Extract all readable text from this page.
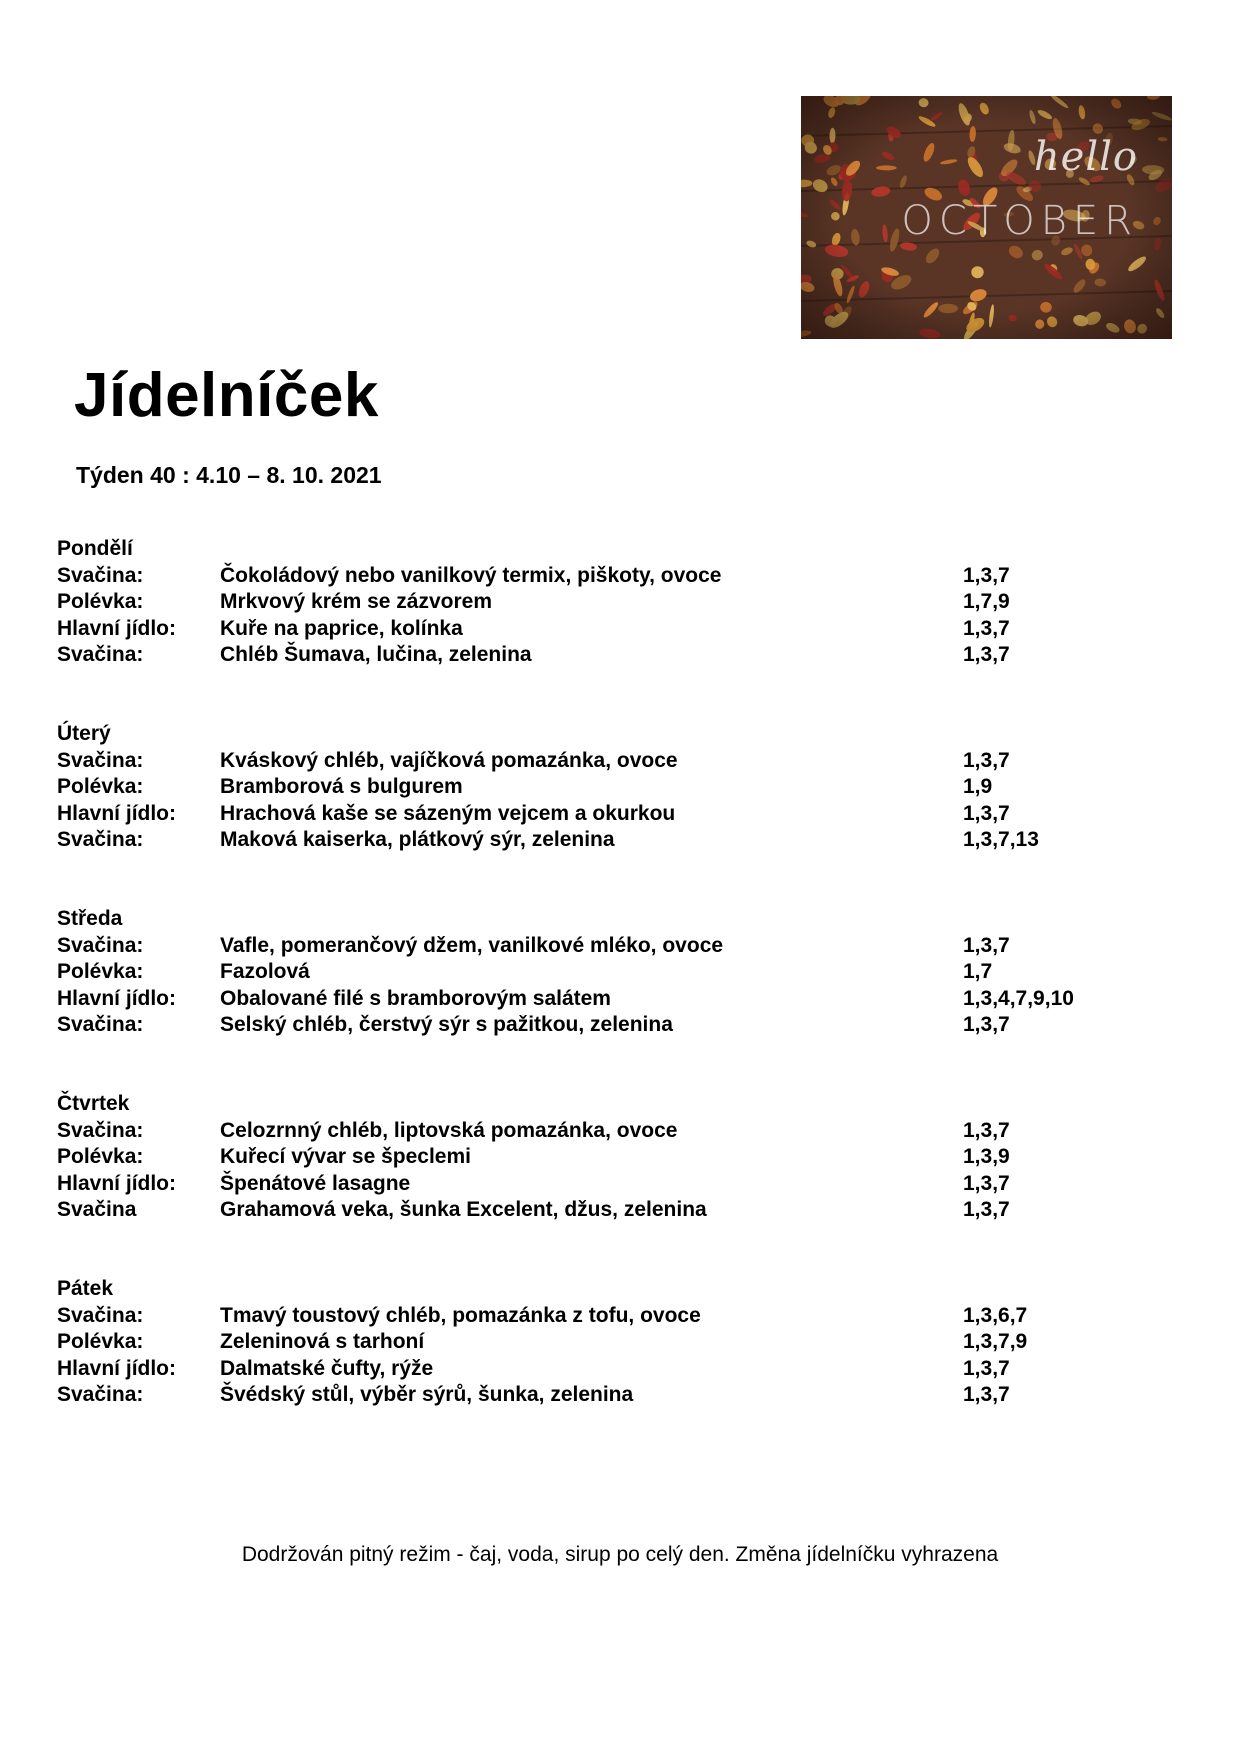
hello
OCTOBER
Jídelníček

Týden 40 : 4.10 – 8. 10. 2021

Pondělí
Svačina:	Čokoládový nebo vanilkový termix, piškoty, ovoce	1,3,7
Polévka:	Mrkvový krém se zázvorem	1,7,9
Hlavní jídlo: Kuře na paprice, kolínka	1,3,7
Svačina:	Chléb Šumava, lučina, zelenina	1,3,7
Úterý
Svačina:	Kváskový chléb, vajíčková pomazánka, ovoce	1,3,7
Polévka:	Bramborová s bulgurem	1,9
Hlavní jídlo: Hrachová kaše se sázeným vejcem a okurkou	1,3,7
Svačina:	Maková kaiserka, plátkový sýr, zelenina	1,3,7,13
Středa
Svačina:	Vafle, pomerančový džem, vanilkové mléko, ovoce	1,3,7
Polévka:	Fazolová	1,7
Hlavní jídlo: Obalované filé s bramborovým salátem	1,3,4,7,9,10
Svačina:	Selský chléb, čerstvý sýr s pažitkou, zelenina	1,3,7
Čtvrtek
Svačina:	Celozrnný chléb, liptovská pomazánka, ovoce	1,3,7
Polévka:	Kuřecí vývar se špeclemi	1,3,9
Hlavní jídlo: Špenátové lasagne	1,3,7
Svačina	Grahamová veka, šunka Excelent, džus, zelenina	1,3,7
Pátek
Svačina:	Tmavý toustový chléb, pomazánka z tofu, ovoce	1,3,6,7
Polévka:	Zeleninová s tarhoní	1,3,7,9
Hlavní jídlo: Dalmatské čufty, rýže	1,3,7
Svačina:	Švédský stůl, výběr sýrů, šunka, zelenina	1,3,7

Dodržován pitný režim - čaj, voda, sirup po celý den. Změna jídelníčku vyhrazena
